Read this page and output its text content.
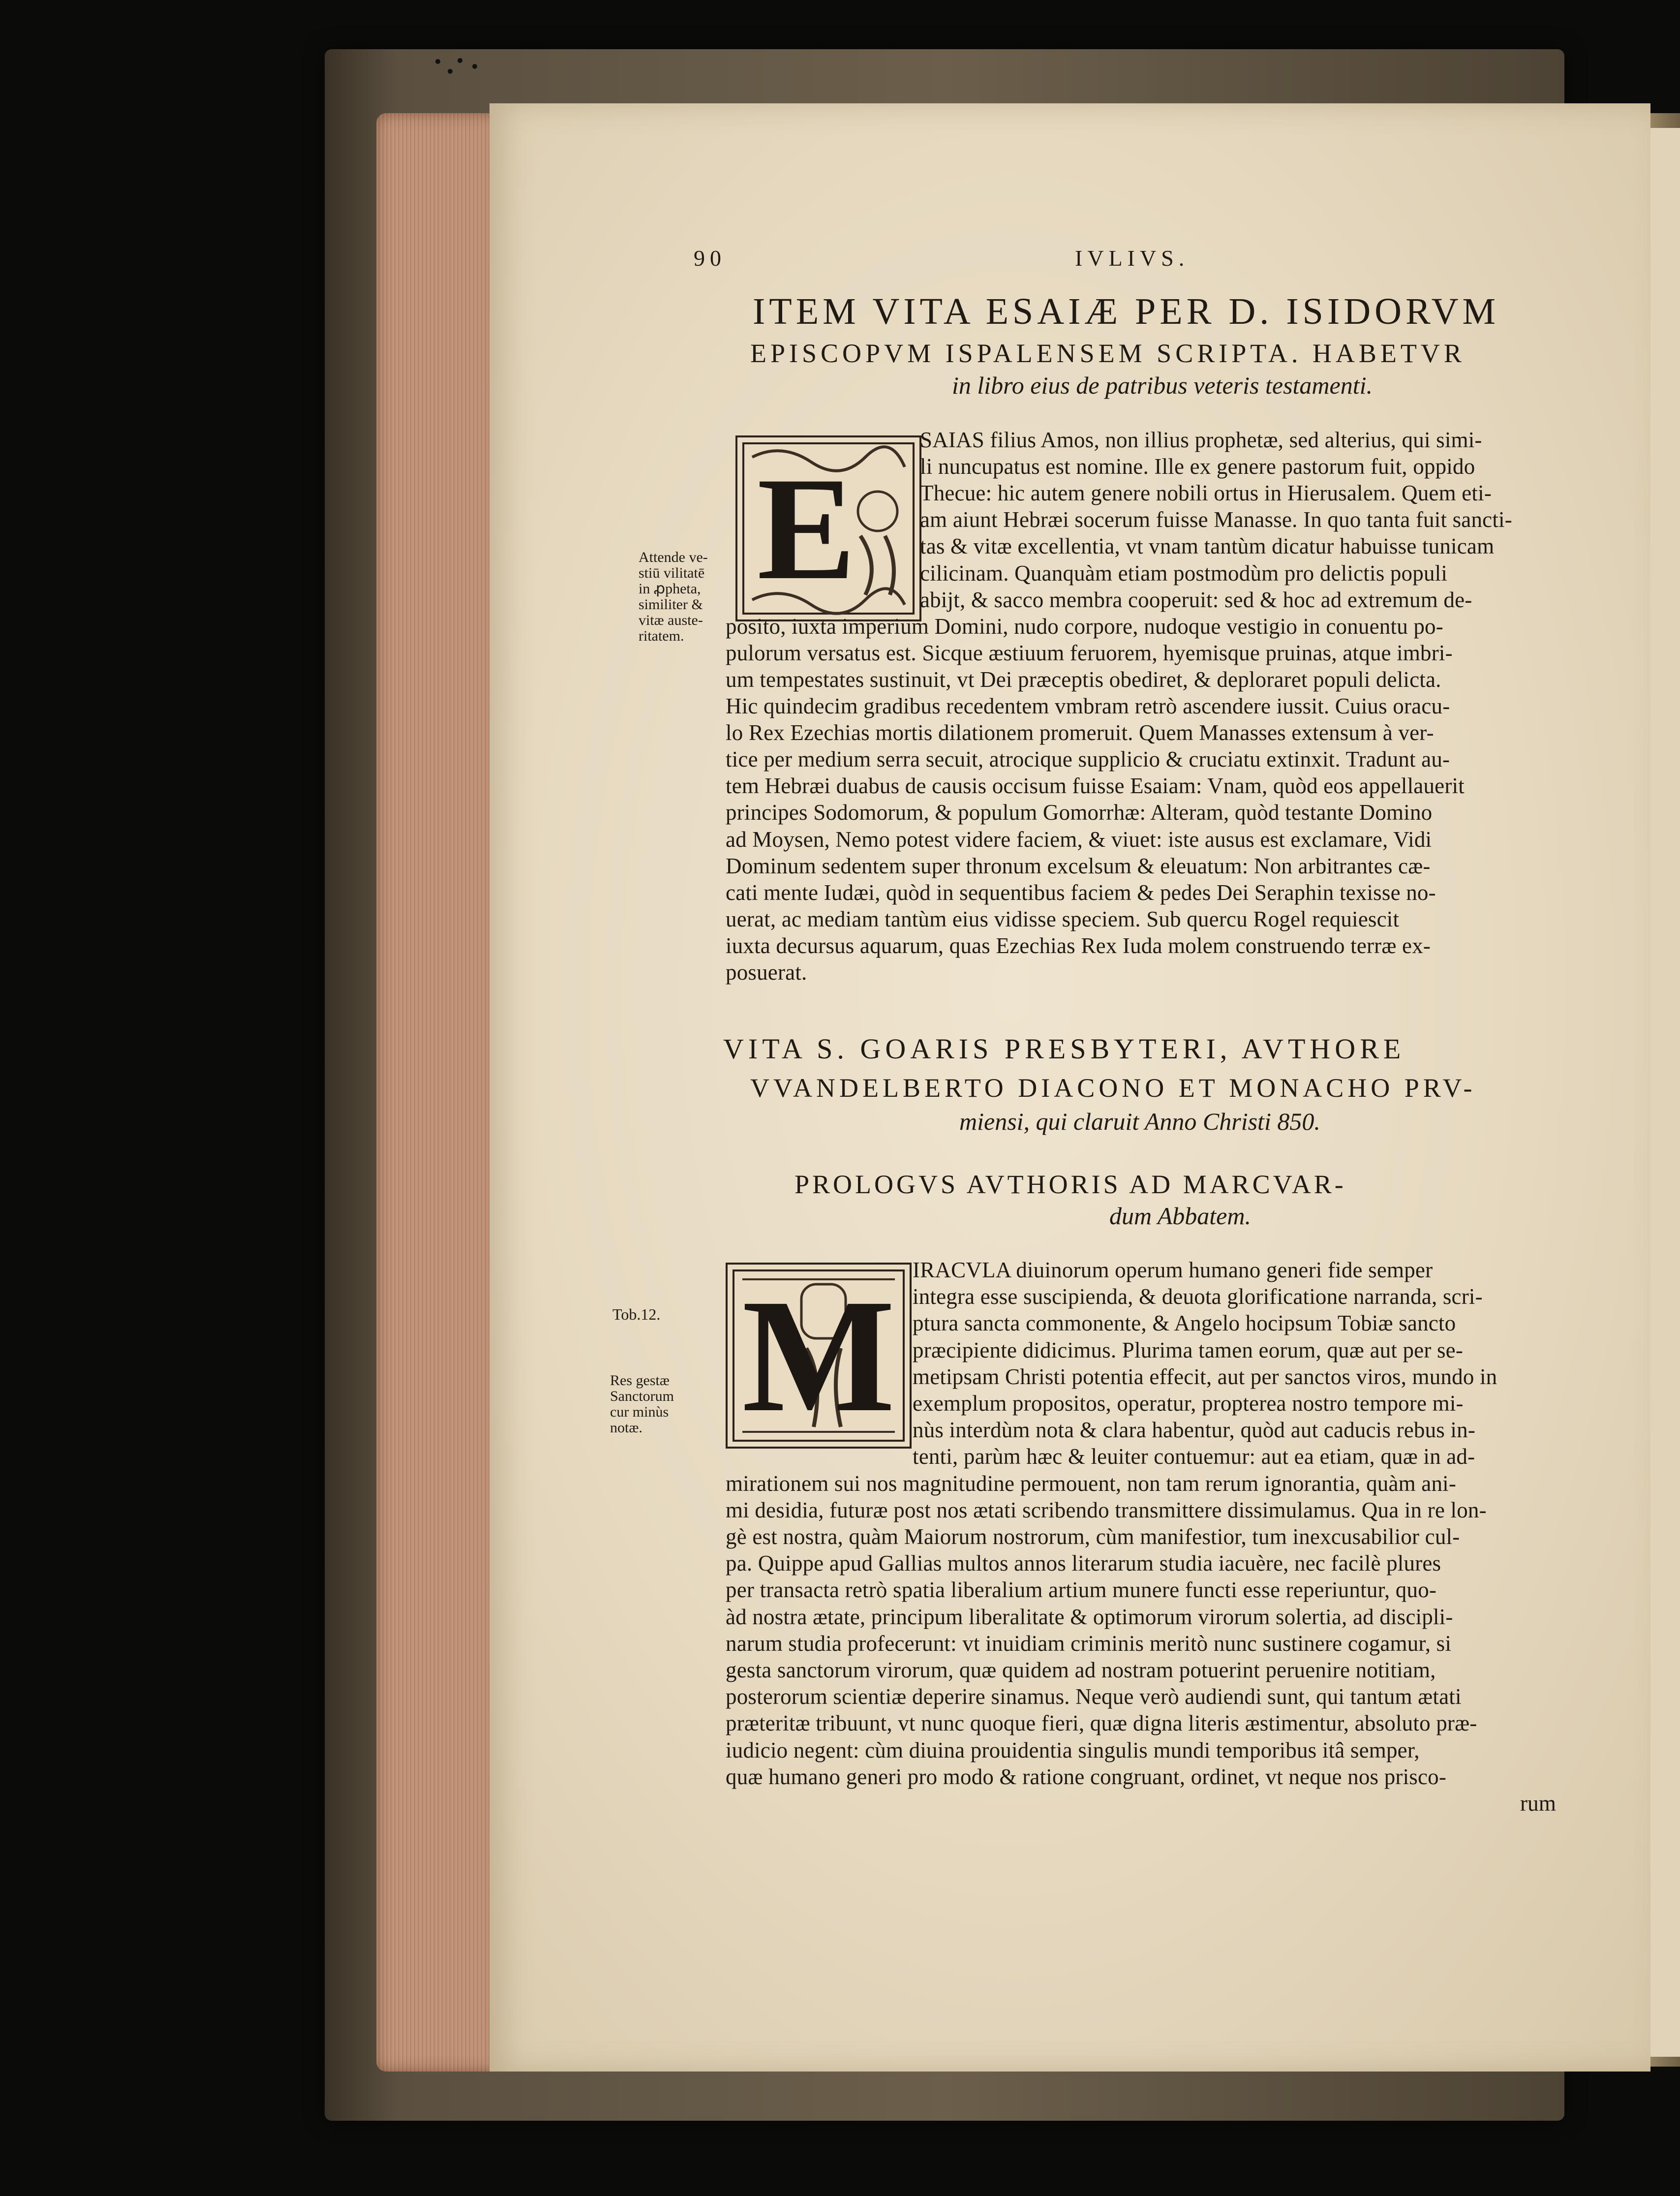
90	IVLIVS.
ITEM VITA ESAIÆ PER D. ISIDORVM
EPISCOPVM ISPALENSEM SCRIPTA. HABETVR
in libro eius de patribus veteris testamenti.
E
Attende ve-
stiū vilitatē
in ꝓpheta,
similiter &
vitæ auste-
ritatem.
SAIAS filius Amos, non illius prophetæ, sed alterius, qui simi-
li nuncupatus est nomine. Ille ex genere pastorum fuit, oppido
Thecue: hic autem genere nobili ortus in Hierusalem. Quem eti-
am aiunt Hebræi socerum fuisse Manasse. In quo tanta fuit sancti-
tas & vitæ excellentia, vt vnam tantùm dicatur habuisse tunicam
cilicinam. Quanquàm etiam postmodùm pro delictis populi
abijt, & sacco membra cooperuit: sed & hoc ad extremum de-
posito, iuxta imperium Domini, nudo corpore, nudoque vestigio in conuentu po-
pulorum versatus est. Sicque æstiuum feruorem, hyemisque pruinas, atque imbri-
um tempestates sustinuit, vt Dei præceptis obediret, & deploraret populi delicta.
Hic quindecim gradibus recedentem vmbram retrò ascendere iussit. Cuius oracu-
lo Rex Ezechias mortis dilationem promeruit. Quem Manasses extensum à ver-
tice per medium serra secuit, atrocique supplicio & cruciatu extinxit. Tradunt au-
tem Hebræi duabus de causis occisum fuisse Esaiam: Vnam, quòd eos appellauerit
principes Sodomorum, & populum Gomorrhæ: Alteram, quòd testante Domino
ad Moysen, Nemo potest videre faciem, & viuet: iste ausus est exclamare, Vidi
Dominum sedentem super thronum excelsum & eleuatum: Non arbitrantes cæ-
cati mente Iudæi, quòd in sequentibus faciem & pedes Dei Seraphin texisse no-
uerat, ac mediam tantùm eius vidisse speciem. Sub quercu Rogel requiescit
iuxta decursus aquarum, quas Ezechias Rex Iuda molem construendo terræ ex-
posuerat.
VITA S. GOARIS PRESBYTERI, AVTHORE
VVANDELBERTO DIACONO ET MONACHO PRV-
miensi, qui claruit Anno Christi 850.
PROLOGVS AVTHORIS AD MARCVAR-
dum Abbatem.
M
Tob.12.
Res gestæ
Sanctorum
cur minùs
notæ.
IRACVLA diuinorum operum humano generi fide semper
integra esse suscipienda, & deuota glorificatione narranda, scri-
ptura sancta commonente, & Angelo hocipsum Tobiæ sancto
præcipiente didicimus. Plurima tamen eorum, quæ aut per se-
metipsam Christi potentia effecit, aut per sanctos viros, mundo in
exemplum propositos, operatur, propterea nostro tempore mi-
nùs interdùm nota & clara habentur, quòd aut caducis rebus in-
tenti, parùm hæc & leuiter contuemur: aut ea etiam, quæ in ad-
mirationem sui nos magnitudine permouent, non tam rerum ignorantia, quàm ani-
mi desidia, futuræ post nos ætati scribendo transmittere dissimulamus. Qua in re lon-
gè est nostra, quàm Maiorum nostrorum, cùm manifestior, tum inexcusabilior cul-
pa. Quippe apud Gallias multos annos literarum studia iacuère, nec facilè plures
per transacta retrò spatia liberalium artium munere functi esse reperiuntur, quo-
àd nostra ætate, principum liberalitate & optimorum virorum solertia, ad discipli-
narum studia profecerunt: vt inuidiam criminis meritò nunc sustinere cogamur, si
gesta sanctorum virorum, quæ quidem ad nostram potuerint peruenire notitiam,
posterorum scientiæ deperire sinamus. Neque verò audiendi sunt, qui tantum ætati
præteritæ tribuunt, vt nunc quoque fieri, quæ digna literis æstimentur, absoluto præ-
iudicio negent: cùm diuina prouidentia singulis mundi temporibus itâ semper,
quæ humano generi pro modo & ratione congruant, ordinet, vt neque nos prisco-
rum
